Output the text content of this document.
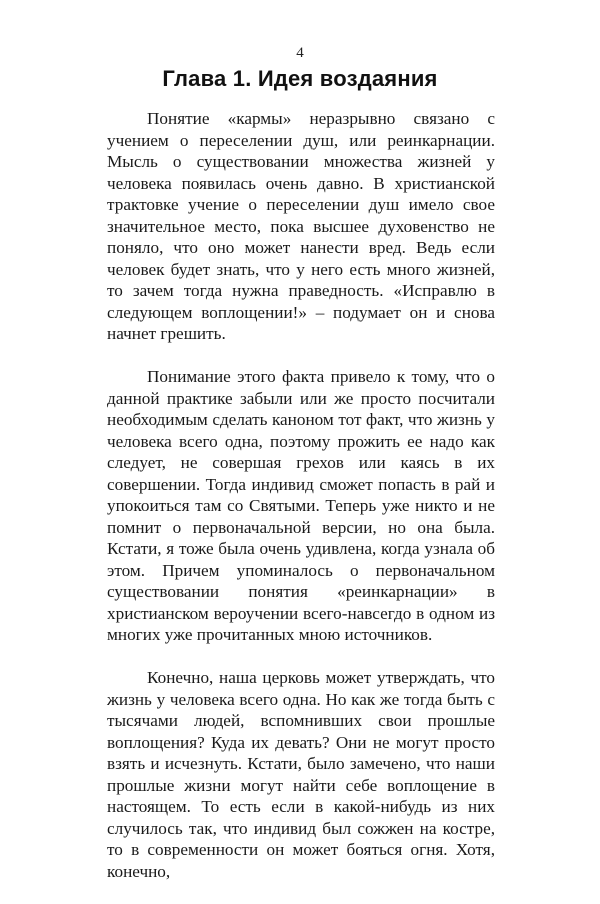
4
Глава 1. Идея воздаяния

Понятие «кармы» неразрывно связано с учением о переселении душ, или реинкарнации. Мысль о существовании множества жизней у человека появилась очень давно. В христианской трактовке учение о переселении душ имело свое значительное место, пока высшее духовенство не поняло, что оно может нанести вред. Ведь если человек будет знать, что у него есть много жизней, то зачем тогда нужна праведность. «Исправлю в следующем воплощении!» – подумает он и снова начнет грешить.

Понимание этого факта привело к тому, что о данной практике забыли или же просто посчитали необходимым сделать каноном тот факт, что жизнь у человека всего одна, поэтому прожить ее надо как следует, не совершая грехов или каясь в их совершении. Тогда индивид сможет попасть в рай и упокоиться там со Святыми. Теперь уже никто и не помнит о первоначальной версии, но она была. Кстати, я тоже была очень удивлена, когда узнала об этом. Причем упоминалось о первоначальном существовании понятия «реинкарнации» в христианском вероучении всего-навсегдо в одном из многих уже прочитанных мною источников.

Конечно, наша церковь может утверждать, что жизнь у человека всего одна. Но как же тогда быть с тысячами людей, вспомнивших свои прошлые воплощения? Куда их девать? Они не могут просто взять и исчезнуть. Кстати, было замечено, что наши прошлые жизни могут найти себе воплощение в настоящем. То есть если в какой-нибудь из них случилось так, что индивид был сожжен на костре, то в современности он может бояться огня. Хотя, конечно,
